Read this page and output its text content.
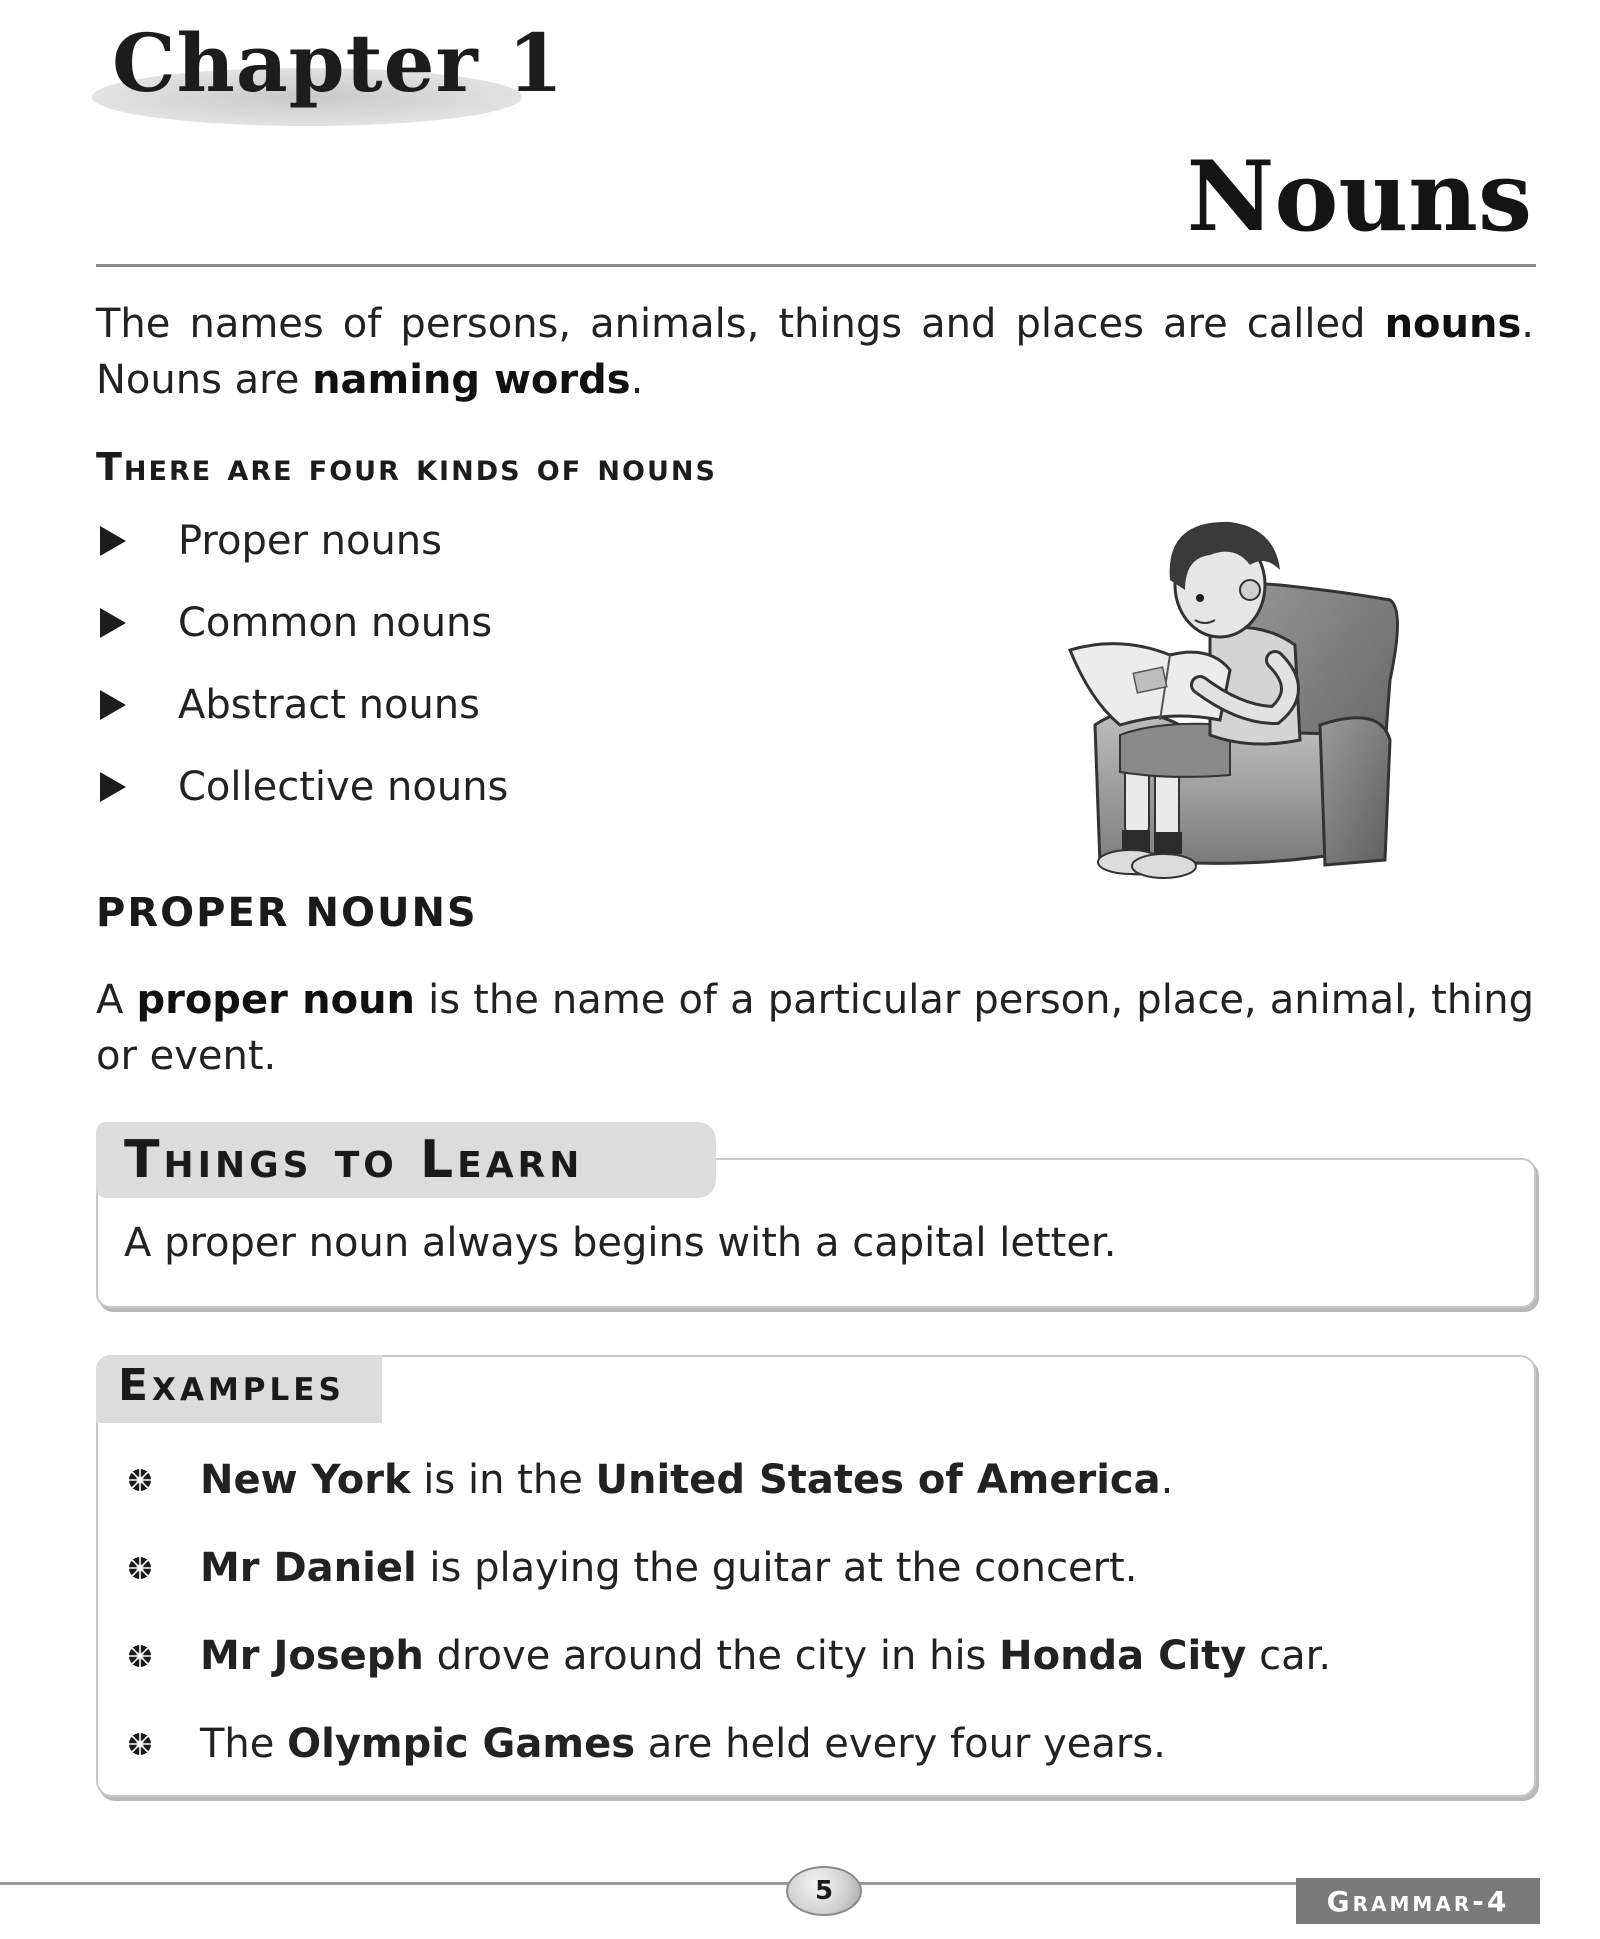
Chapter 1
Nouns

The names of persons, animals, things and places are called nouns. Nouns are naming words.

There are four kinds of nouns
Proper nouns
Common nouns
Abstract nouns
Collective nouns
PROPER NOUNS

A proper noun is the name of a particular person, place, animal, thing or event.

Things to Learn

A proper noun always begins with a capital letter.

Examples
New York is in the United States of America.
Mr Daniel is playing the guitar at the concert.
Mr Joseph drove around the city in his Honda City car.
The Olympic Games are held every four years.
5	Grammar-4
